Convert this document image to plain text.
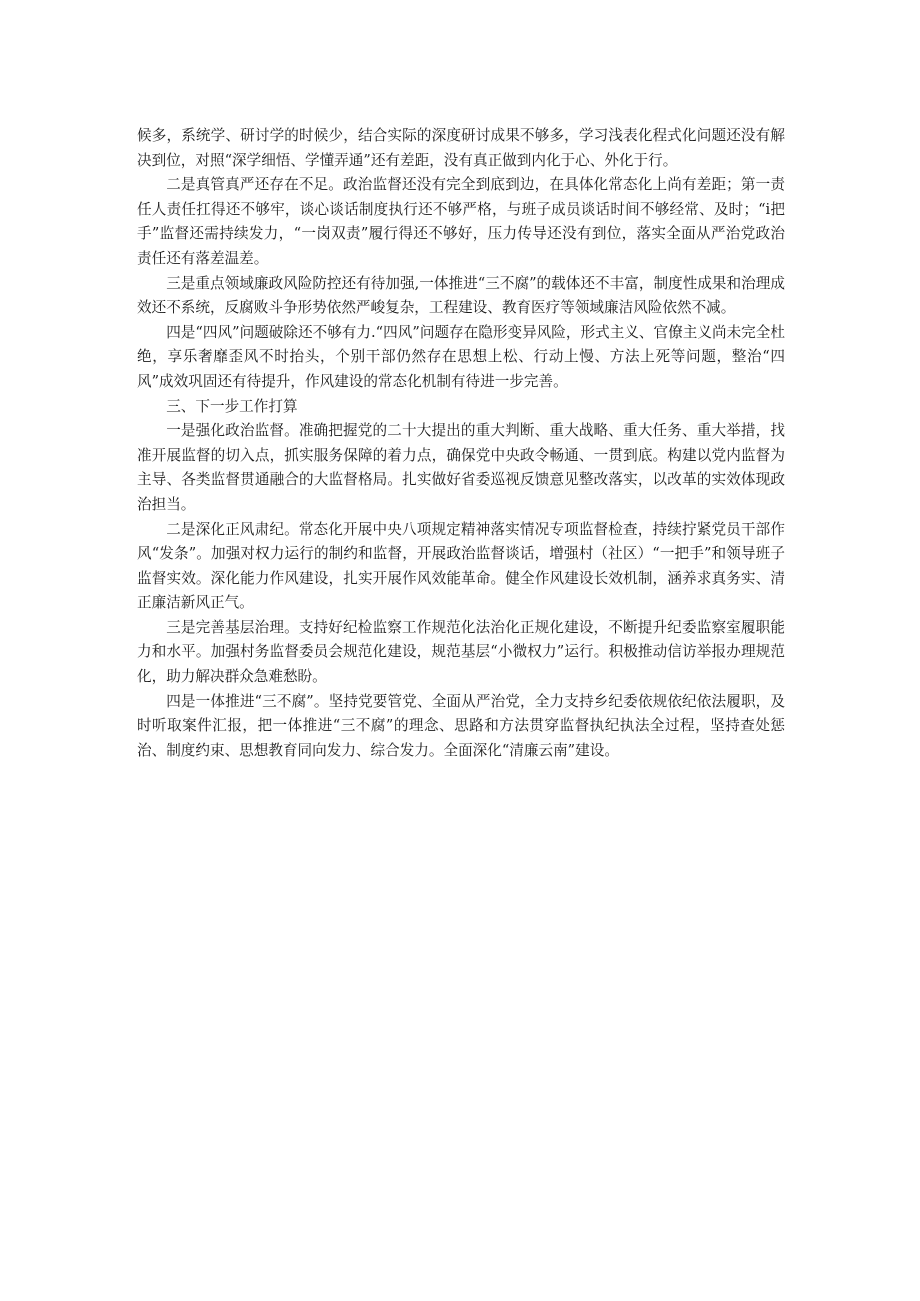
候多，系统学、研讨学的时候少，结合实际的深度研讨成果不够多，学习浅表化程式化问题还没有解决到位，对照“深学细悟、学懂弄通”还有差距，没有真正做到内化于心、外化于行。

二是真管真严还存在不足。政治监督还没有完全到底到边，在具体化常态化上尚有差距；第一责任人责任扛得还不够牢，谈心谈话制度执行还不够严格，与班子成员谈话时间不够经常、及时；“i把手”监督还需持续发力，“一岗双责”履行得还不够好，压力传导还没有到位，落实全面从严治党政治责任还有落差温差。

三是重点领域廉政风险防控还有待加强,一体推进“三不腐”的载体还不丰富，制度性成果和治理成效还不系统，反腐败斗争形势依然严峻复杂，工程建设、教育医疗等领域廉洁风险依然不减。

四是“四风”问题破除还不够有力.“四风”问题存在隐形变异风险，形式主义、官僚主义尚未完全杜绝，享乐奢靡歪风不时抬头，个别干部仍然存在思想上松、行动上慢、方法上死等问题，整治“四风”成效巩固还有待提升，作风建设的常态化机制有待进一步完善。

三、下一步工作打算

一是强化政治监督。准确把握党的二十大提出的重大判断、重大战略、重大任务、重大举措，找准开展监督的切入点，抓实服务保障的着力点，确保党中央政令畅通、一贯到底。构建以党内监督为主导、各类监督贯通融合的大监督格局。扎实做好省委巡视反馈意见整改落实，以改革的实效体现政治担当。

二是深化正风肃纪。常态化开展中央八项规定精神落实情况专项监督检查，持续拧紧党员干部作风“发条”。加强对权力运行的制约和监督，开展政治监督谈话，增强村（社区）“一把手”和领导班子监督实效。深化能力作风建设，扎实开展作风效能革命。健全作风建设长效机制，涵养求真务实、清正廉洁新风正气。

三是完善基层治理。支持好纪检监察工作规范化法治化正规化建设，不断提升纪委监察室履职能力和水平。加强村务监督委员会规范化建设，规范基层“小微权力”运行。积极推动信访举报办理规范化，助力解决群众急难愁盼。

四是一体推进“三不腐”。坚持党要管党、全面从严治党，全力支持乡纪委依规依纪依法履职，及时听取案件汇报，把一体推进“三不腐”的理念、思路和方法贯穿监督执纪执法全过程，坚持查处惩治、制度约束、思想教育同向发力、综合发力。全面深化“清廉云南”建设。
